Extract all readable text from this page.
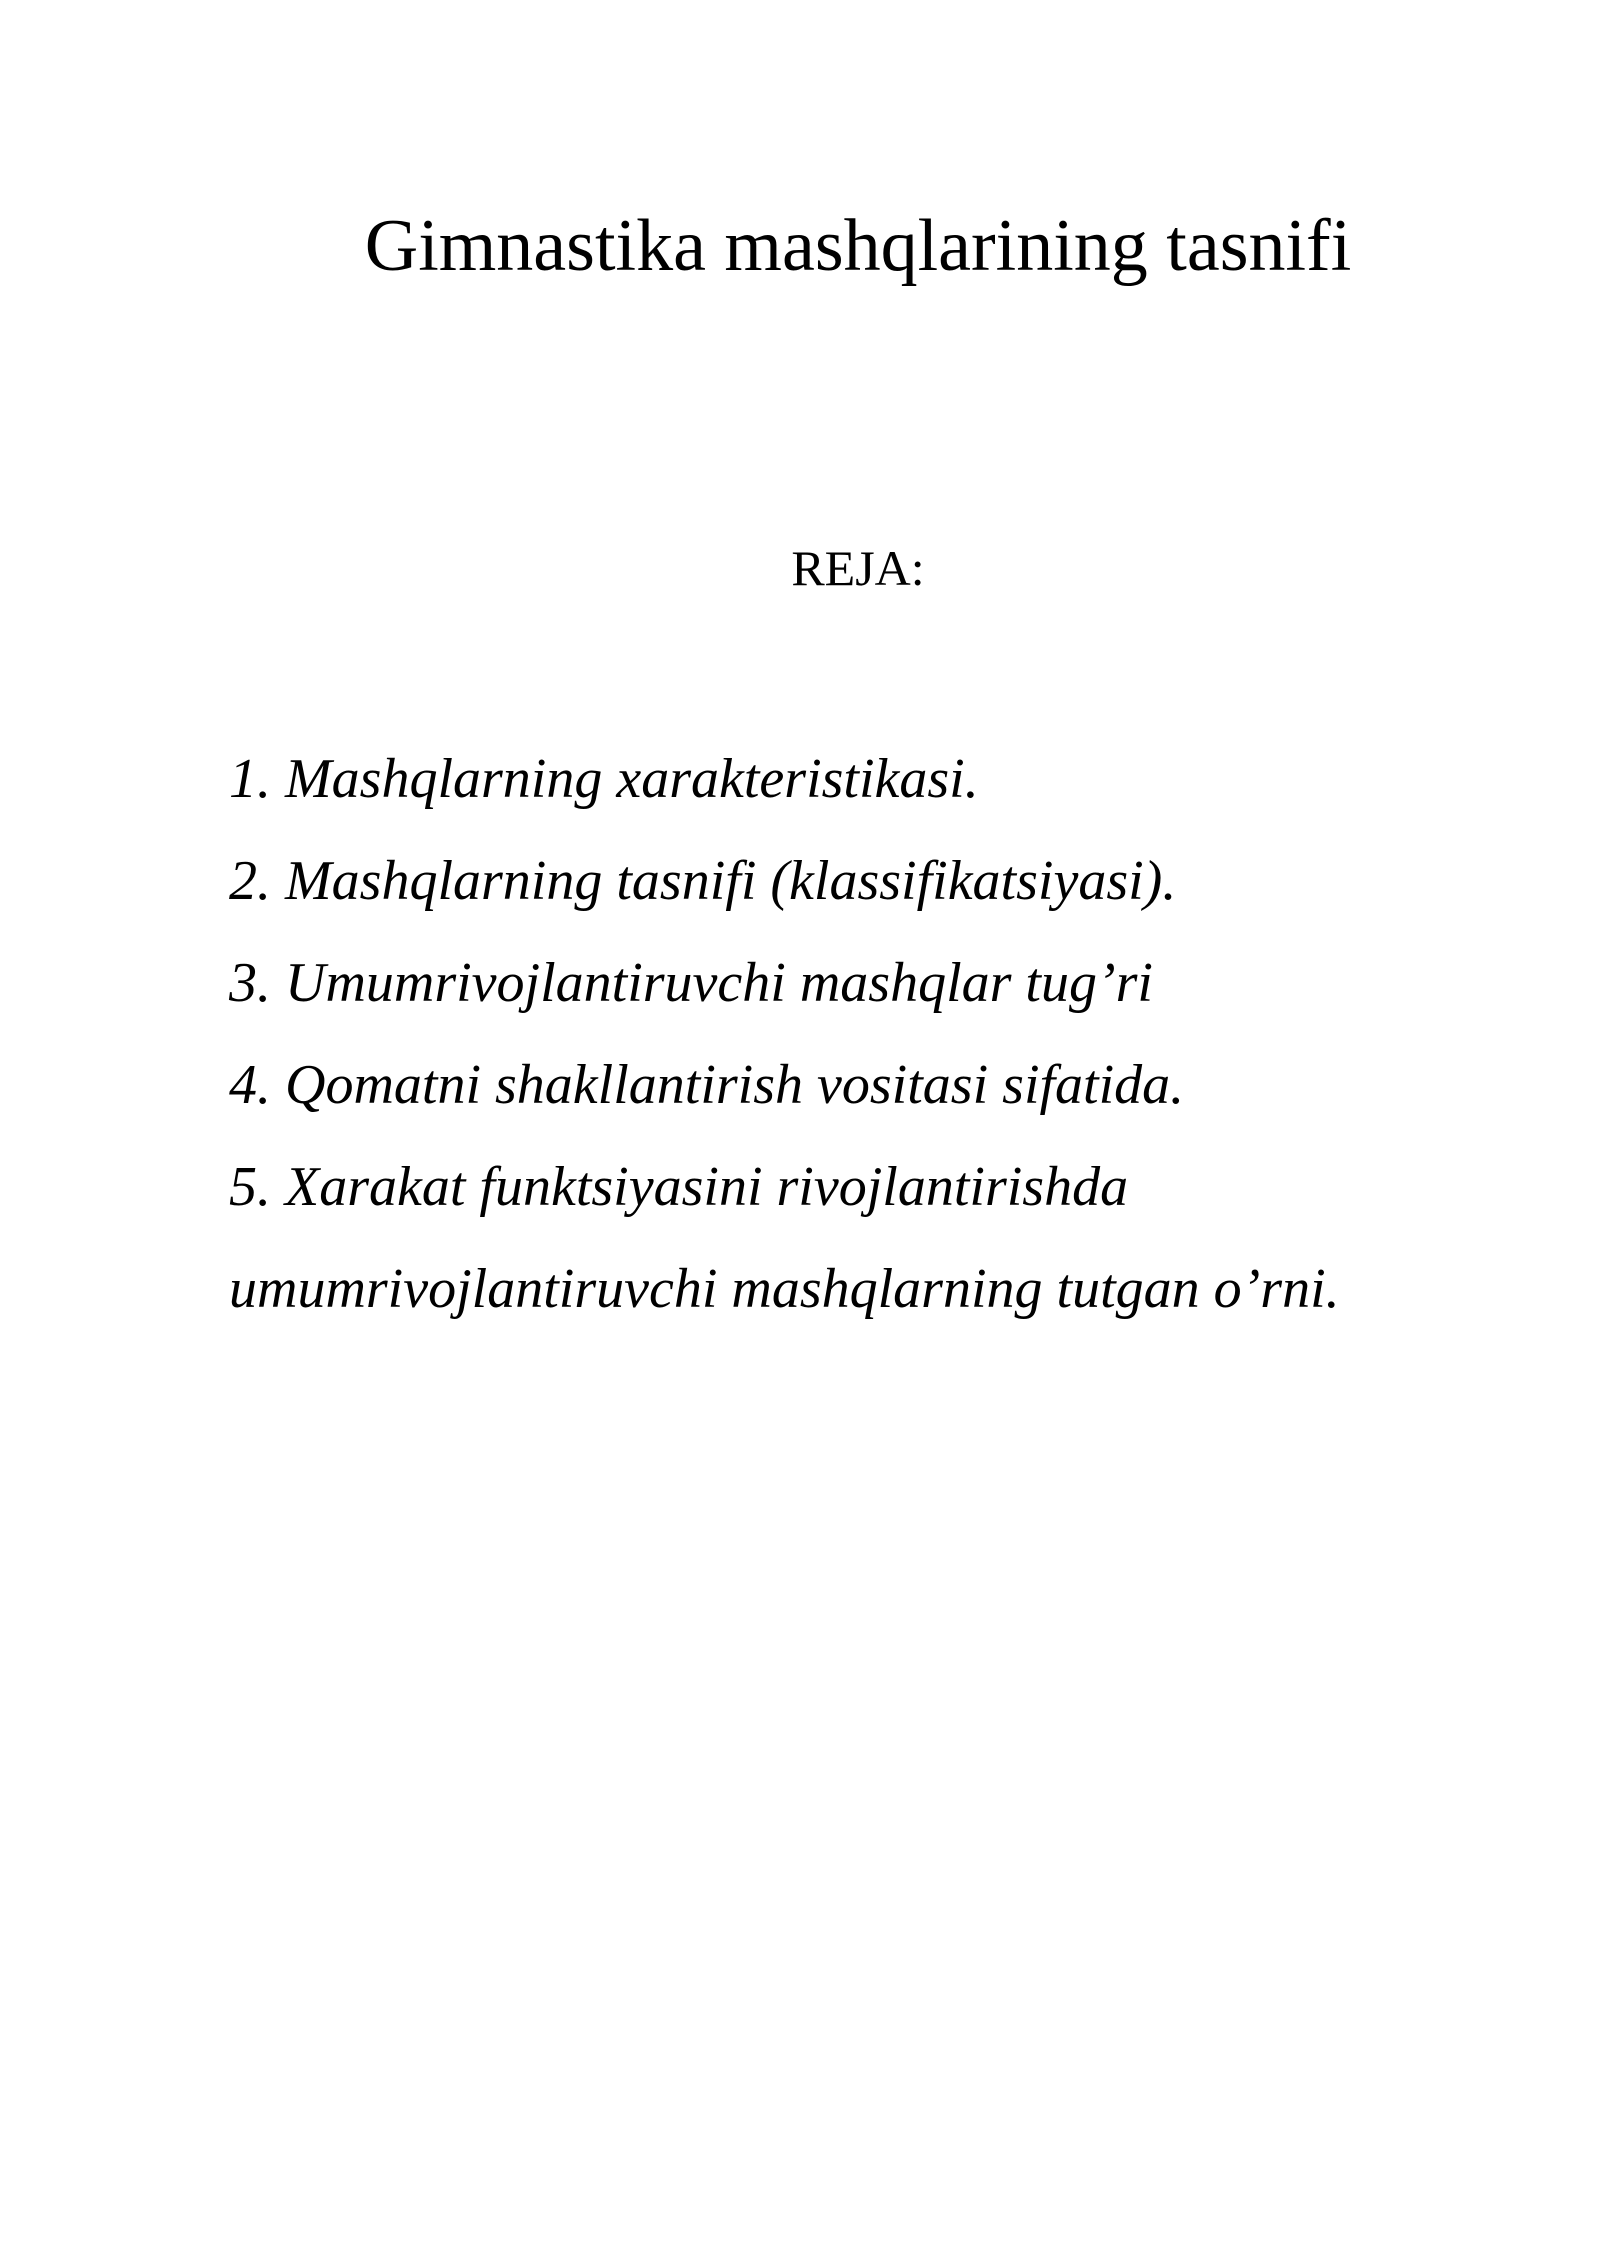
Gimnastika mashqlarining tasnifi

REJA:

1. Mashqlarning xarakteristikasi.
2. Mashqlarning tasnifi (klassifikatsiyasi).
3. Umumrivojlantiruvchi mashqlar tug’ri
4. Qomatni shakllantirish vositasi sifatida.
5. Xarakat funktsiyasini rivojlantirishda
umumrivojlantiruvchi mashqlarning tutgan o’rni.
